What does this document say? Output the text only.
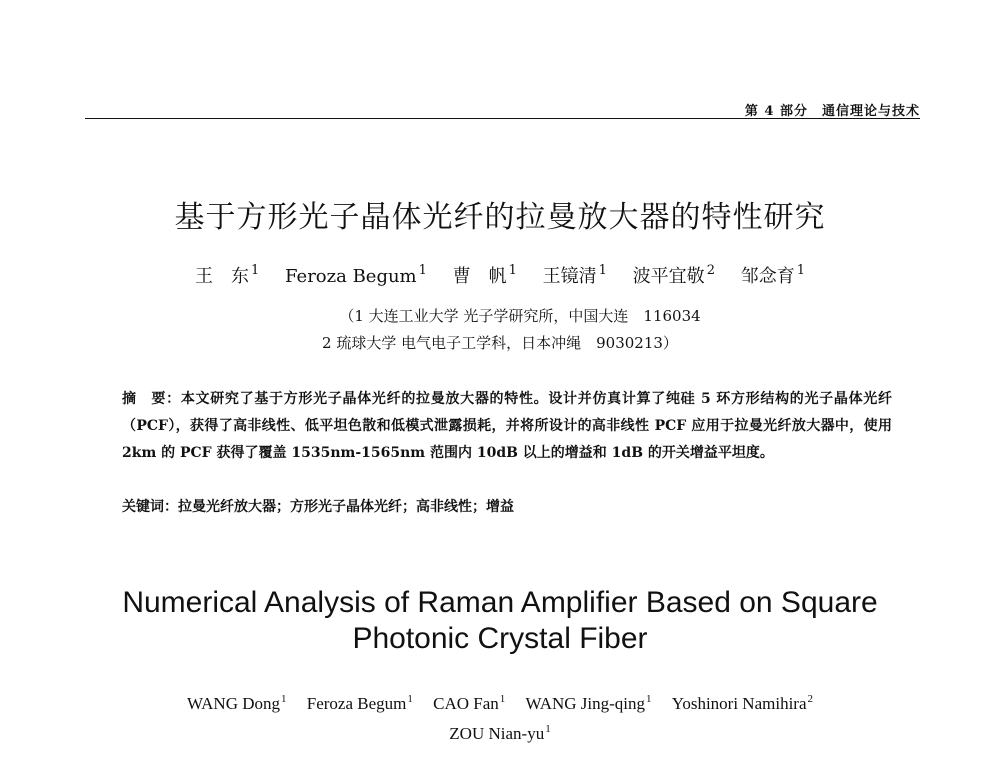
第 4 部分　通信理论与技术
基于方形光子晶体光纤的拉曼放大器的特性研究
王　东 $^1$ Feroza Begum $^1$ 曹　帆 $^1$ 王镜清 $^1$ 波平宜敬 $^2$ 邹念育 $^1$
（1 大连工业大学 光子学研究所，中国大连　116034
2 琉球大学 电气电子工学科，日本冲绳　9030213）
摘　要：本文研究了基于方形光子晶体光纤的拉曼放大器的特性。设计并仿真计算了纯硅 5 环方形结构的光子晶体光纤（PCF），获得了高非线性、低平坦色散和低模式泄露损耗，并将所设计的高非线性 PCF 应用于拉曼光纤放大器中，使用 2km 的 PCF 获得了覆盖 1535nm-1565nm 范围内 10dB 以上的增益和 1dB 的开关增益平坦度。
关键词：拉曼光纤放大器；方形光子晶体光纤；高非线性；增益
Numerical Analysis of Raman Amplifier Based on Square
Photonic Crystal Fiber
WANG Dong$^1$ Feroza Begum$^1$ CAO Fan$^1$ WANG Jing-qing$^1$ Yoshinori Namihira$^2$
ZOU Nian-$yu^1$
